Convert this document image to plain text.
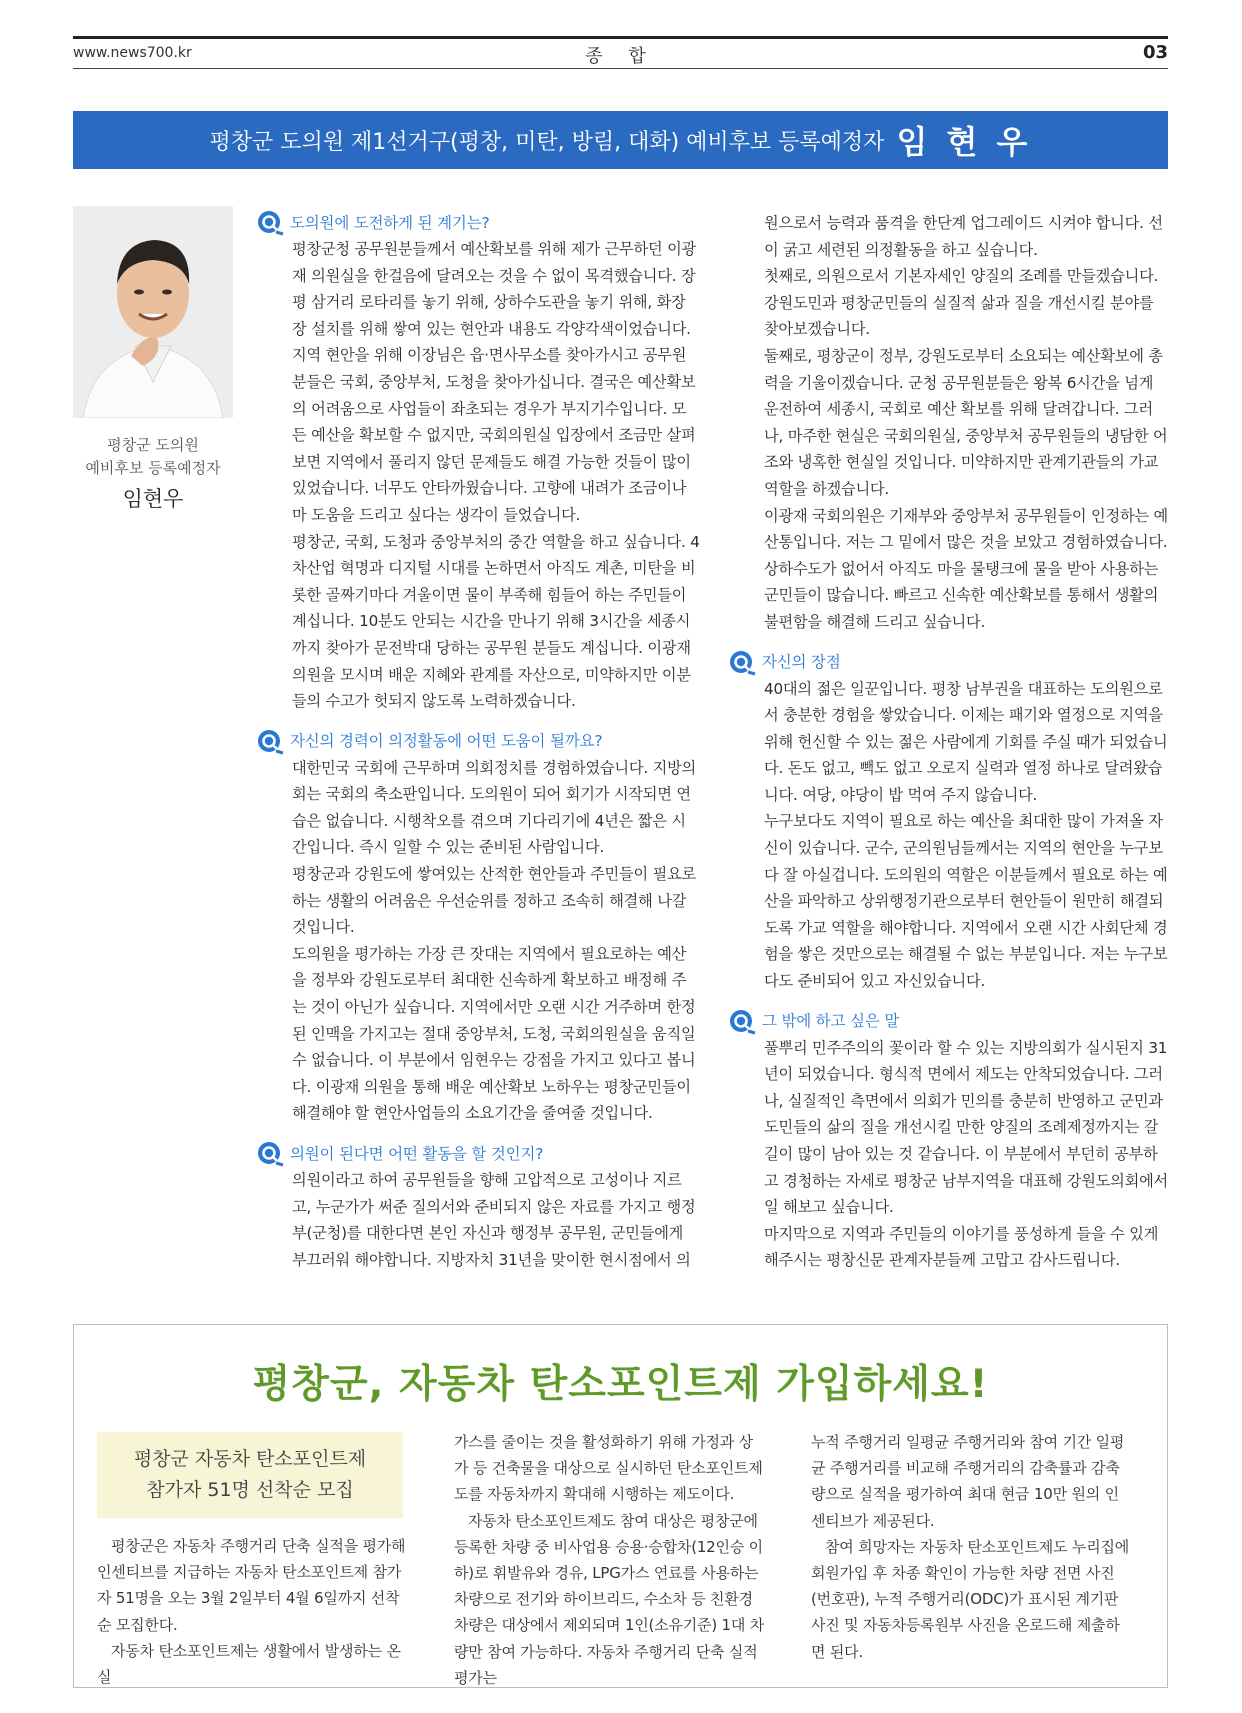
www.news700.kr	종 합	03
평창군 도의원 제1선거구(평창, 미탄, 방림, 대화) 예비후보 등록예정자 임 현 우
평창군 도의원
예비후보 등록예정자
임현우
도의원에 도전하게 된 계기는?

평창군청 공무원분들께서 예산확보를 위해 제가 근무하던 이광재 의원실을 한걸음에 달려오는 것을 수 없이 목격했습니다. 장평 삼거리 로타리를 놓기 위해, 상하수도관을 놓기 위해, 화장장 설치를 위해 쌓여 있는 현안과 내용도 각양각색이었습니다. 지역 현안을 위해 이장님은 읍·면사무소를 찾아가시고 공무원분들은 국회, 중앙부처, 도청을 찾아가십니다. 결국은 예산확보의 어려움으로 사업들이 좌초되는 경우가 부지기수입니다. 모든 예산을 확보할 수 없지만, 국회의원실 입장에서 조금만 살펴보면 지역에서 풀리지 않던 문제들도 해결 가능한 것들이 많이 있었습니다. 너무도 안타까웠습니다. 고향에 내려가 조금이나마 도움을 드리고 싶다는 생각이 들었습니다.

평창군, 국회, 도청과 중앙부처의 중간 역할을 하고 싶습니다. 4차산업 혁명과 디지털 시대를 논하면서 아직도 계촌, 미탄을 비롯한 골짜기마다 겨울이면 물이 부족해 힘들어 하는 주민들이 계십니다. 10분도 안되는 시간을 만나기 위해 3시간을 세종시까지 찾아가 문전박대 당하는 공무원 분들도 계십니다. 이광재 의원을 모시며 배운 지혜와 관계를 자산으로, 미약하지만 이분들의 수고가 헛되지 않도록 노력하겠습니다.

자신의 경력이 의정활동에 어떤 도움이 될까요?

대한민국 국회에 근무하며 의회정치를 경험하였습니다. 지방의회는 국회의 축소판입니다. 도의원이 되어 회기가 시작되면 연습은 없습니다. 시행착오를 겪으며 기다리기에 4년은 짧은 시간입니다. 즉시 일할 수 있는 준비된 사람입니다.

평창군과 강원도에 쌓여있는 산적한 현안들과 주민들이 필요로 하는 생활의 어려움은 우선순위를 정하고 조속히 해결해 나갈것입니다.

도의원을 평가하는 가장 큰 잣대는 지역에서 필요로하는 예산을 정부와 강원도로부터 최대한 신속하게 확보하고 배정해 주는 것이 아닌가 싶습니다. 지역에서만 오랜 시간 거주하며 한정된 인맥을 가지고는 절대 중앙부처, 도청, 국회의원실을 움직일 수 없습니다. 이 부분에서 임현우는 강점을 가지고 있다고 봅니다. 이광재 의원을 통해 배운 예산확보 노하우는 평창군민들이 해결해야 할 현안사업들의 소요기간을 줄여줄 것입니다.

의원이 된다면 어떤 활동을 할 것인지?

의원이라고 하여 공무원들을 향해 고압적으로 고성이나 지르고, 누군가가 써준 질의서와 준비되지 않은 자료를 가지고 행정부(군청)를 대한다면 본인 자신과 행정부 공무원, 군민들에게 부끄러워 해야합니다. 지방자치 31년을 맞이한 현시점에서 의

원으로서 능력과 품격을 한단계 업그레이드 시켜야 합니다. 선이 굵고 세련된 의정활동을 하고 싶습니다.

첫째로, 의원으로서 기본자세인 양질의 조례를 만들겠습니다. 강원도민과 평창군민들의 실질적 삶과 질을 개선시킬 분야를 찾아보겠습니다.

둘째로, 평창군이 정부, 강원도로부터 소요되는 예산확보에 총력을 기울이겠습니다. 군청 공무원분들은 왕복 6시간을 넘게 운전하여 세종시, 국회로 예산 확보를 위해 달려갑니다. 그러나, 마주한 현실은 국회의원실, 중앙부처 공무원들의 냉담한 어조와 냉혹한 현실일 것입니다. 미약하지만 관계기관들의 가교역할을 하겠습니다.

이광재 국회의원은 기재부와 중앙부처 공무원들이 인정하는 예산통입니다. 저는 그 밑에서 많은 것을 보았고 경험하였습니다. 상하수도가 없어서 아직도 마을 물탱크에 물을 받아 사용하는 군민들이 많습니다. 빠르고 신속한 예산확보를 통해서 생활의 불편함을 해결해 드리고 싶습니다.

자신의 장점

40대의 젊은 일꾼입니다. 평창 남부권을 대표하는 도의원으로서 충분한 경험을 쌓았습니다. 이제는 패기와 열정으로 지역을 위해 헌신할 수 있는 젊은 사람에게 기회를 주실 때가 되었습니다. 돈도 없고, 빽도 없고 오로지 실력과 열정 하나로 달려왔습니다. 여당, 야당이 밥 먹여 주지 않습니다.

누구보다도 지역이 필요로 하는 예산을 최대한 많이 가져올 자신이 있습니다. 군수, 군의원님들께서는 지역의 현안을 누구보다 잘 아실겁니다. 도의원의 역할은 이분들께서 필요로 하는 예산을 파악하고 상위행정기관으로부터 현안들이 원만히 해결되도록 가교 역할을 해야합니다. 지역에서 오랜 시간 사회단체 경험을 쌓은 것만으로는 해결될 수 없는 부분입니다. 저는 누구보다도 준비되어 있고 자신있습니다.

그 밖에 하고 싶은 말

풀뿌리 민주주의의 꽃이라 할 수 있는 지방의회가 실시된지 31년이 되었습니다. 형식적 면에서 제도는 안착되었습니다. 그러나, 실질적인 측면에서 의회가 민의를 충분히 반영하고 군민과 도민들의 삶의 질을 개선시킬 만한 양질의 조례제정까지는 갈길이 많이 남아 있는 것 같습니다. 이 부분에서 부던히 공부하고 경청하는 자세로 평창군 남부지역을 대표해 강원도의회에서 일 해보고 싶습니다.

마지막으로 지역과 주민들의 이야기를 풍성하게 들을 수 있게 해주시는 평창신문 관계자분들께 고맙고 감사드립니다.

평창군, 자동차 탄소포인트제 가입하세요!
평창군 자동차 탄소포인트제
참가자 51명 선착순 모집

평창군은 자동차 주행거리 단축 실적을 평가해 인센티브를 지급하는 자동차 탄소포인트제 참가자 51명을 오는 3월 2일부터 4월 6일까지 선착순 모집한다.

자동차 탄소포인트제는 생활에서 발생하는 온실

가스를 줄이는 것을 활성화하기 위해 가정과 상가 등 건축물을 대상으로 실시하던 탄소포인트제도를 자동차까지 확대해 시행하는 제도이다.

자동차 탄소포인트제도 참여 대상은 평창군에 등록한 차량 중 비사업용 승용·승합차(12인승 이하)로 휘발유와 경유, LPG가스 연료를 사용하는 차량으로 전기와 하이브리드, 수소차 등 친환경 차량은 대상에서 제외되며 1인(소유기준) 1대 차량만 참여 가능하다. 자동차 주행거리 단축 실적 평가는

누적 주행거리 일평균 주행거리와 참여 기간 일평균 주행거리를 비교해 주행거리의 감축률과 감축량으로 실적을 평가하여 최대 현금 10만 원의 인센티브가 제공된다.

참여 희망자는 자동차 탄소포인트제도 누리집에 회원가입 후 차종 확인이 가능한 차량 전면 사진(번호판), 누적 주행거리(ODC)가 표시된 계기판 사진 및 자동차등록원부 사진을 온로드해 제출하면 된다.
